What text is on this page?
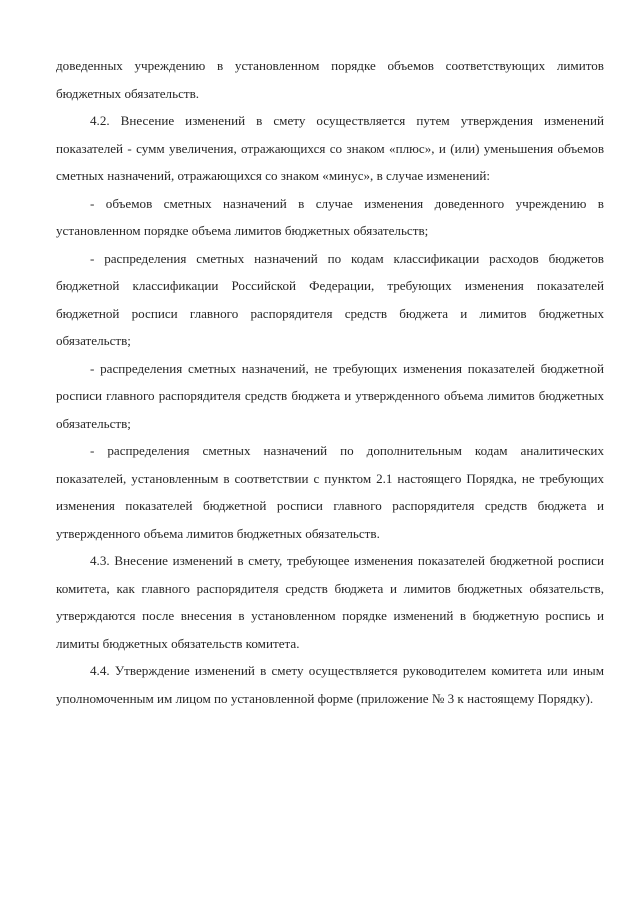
доведенных учреждению в установленном порядке объемов соответствующих лимитов бюджетных обязательств.

4.2. Внесение изменений в смету осуществляется путем утверждения изменений показателей - сумм увеличения, отражающихся со знаком «плюс», и (или) уменьшения объемов сметных назначений, отражающихся со знаком «минус», в случае изменений:

- объемов сметных назначений в случае изменения доведенного учреждению в установленном порядке объема лимитов бюджетных обязательств;

- распределения сметных назначений по кодам классификации расходов бюджетов бюджетной классификации Российской Федерации, требующих изменения показателей бюджетной росписи главного распорядителя средств бюджета и лимитов бюджетных обязательств;

- распределения сметных назначений, не требующих изменения показателей бюджетной росписи главного распорядителя средств бюджета и утвержденного объема лимитов бюджетных обязательств;

- распределения сметных назначений по дополнительным кодам аналитических показателей, установленным в соответствии с пунктом 2.1 настоящего Порядка, не требующих изменения показателей бюджетной росписи главного распорядителя средств бюджета и утвержденного объема лимитов бюджетных обязательств.

4.3. Внесение изменений в смету, требующее изменения показателей бюджетной росписи комитета, как главного распорядителя средств бюджета и лимитов бюджетных обязательств, утверждаются после внесения в установленном порядке изменений в бюджетную роспись и лимиты бюджетных обязательств комитета.

4.4. Утверждение изменений в смету осуществляется руководителем комитета или иным уполномоченным им лицом по установленной форме (приложение № 3 к настоящему Порядку).
